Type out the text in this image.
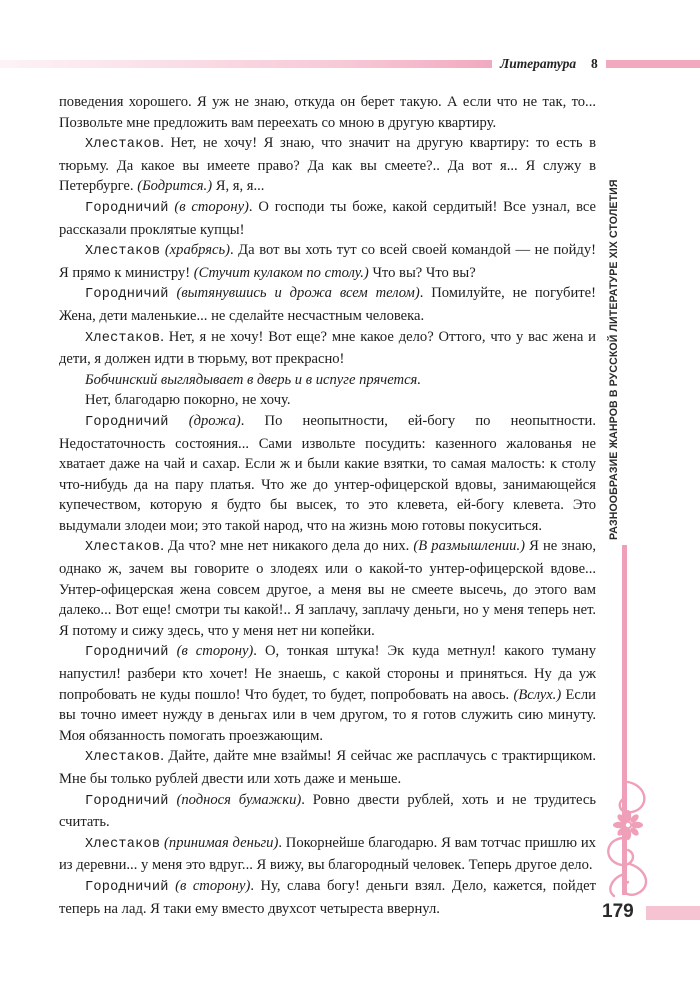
Литература 8

поведения хорошего. Я уж не знаю, откуда он берет такую. А если что не так, то... Позвольте мне предложить вам переехать со мною в другую квартиру.

Хлестаков. Нет, не хочу! Я знаю, что значит на другую квартиру: то есть в тюрьму. Да какое вы имеете право? Да как вы смеете?.. Да вот я... Я служу в Петербурге. (Бодрится.) Я, я, я...

Городничий (в сторону). О господи ты боже, какой сердитый! Все узнал, все рассказали проклятые купцы!

Хлестаков (храбрясь). Да вот вы хоть тут со всей своей командой — не пойду! Я прямо к министру! (Стучит кулаком по столу.) Что вы? Что вы?

Городничий (вытянувшись и дрожа всем телом). Помилуйте, не погубите! Жена, дети маленькие... не сделайте несчастным человека.

Хлестаков. Нет, я не хочу! Вот еще? мне какое дело? Оттого, что у вас жена и дети, я должен идти в тюрьму, вот прекрасно!

Бобчинский выглядывает в дверь и в испуге прячется.

Нет, благодарю покорно, не хочу.

Городничий (дрожа). По неопытности, ей-богу по неопытности. Недостаточность состояния... Сами извольте посудить: казенного жалованья не хватает даже на чай и сахар. Если ж и были какие взятки, то самая малость: к столу что-нибудь да на пару платья. Что же до унтер-офицерской вдовы, занимающейся купечеством, которую я будто бы высек, то это клевета, ей-богу клевета. Это выдумали злодеи мои; это такой народ, что на жизнь мою готовы покуситься.

Хлестаков. Да что? мне нет никакого дела до них. (В размышлении.) Я не знаю, однако ж, зачем вы говорите о злодеях или о какой-то унтер-офицерской вдове... Унтер-офицерская жена совсем другое, а меня вы не смеете высечь, до этого вам далеко... Вот еще! смотри ты какой!.. Я заплачу, заплачу деньги, но у меня теперь нет. Я потому и сижу здесь, что у меня нет ни копейки.

Городничий (в сторону). О, тонкая штука! Эк куда метнул! какого туману напустил! разбери кто хочет! Не знаешь, с какой стороны и приняться. Ну да уж попробовать не куды пошло! Что будет, то будет, попробовать на авось. (Вслух.) Если вы точно имеет нужду в деньгах или в чем другом, то я готов служить сию минуту. Моя обязанность помогать проезжающим.

Хлестаков. Дайте, дайте мне взаймы! Я сейчас же расплачусь с трактирщиком. Мне бы только рублей двести или хоть даже и меньше.

Городничий (поднося бумажки). Ровно двести рублей, хоть и не трудитесь считать.

Хлестаков (принимая деньги). Покорнейше благодарю. Я вам тотчас пришлю их из деревни... у меня это вдруг... Я вижу, вы благородный человек. Теперь другое дело.

Городничий (в сторону). Ну, слава богу! деньги взял. Дело, кажется, пойдет теперь на лад. Я таки ему вместо двухсот четыреста ввернул.

РАЗНООБРАЗИЕ ЖАНРОВ В РУССКОЙ ЛИТЕРАТУРЕ XIX СТОЛЕТИЯ
179
